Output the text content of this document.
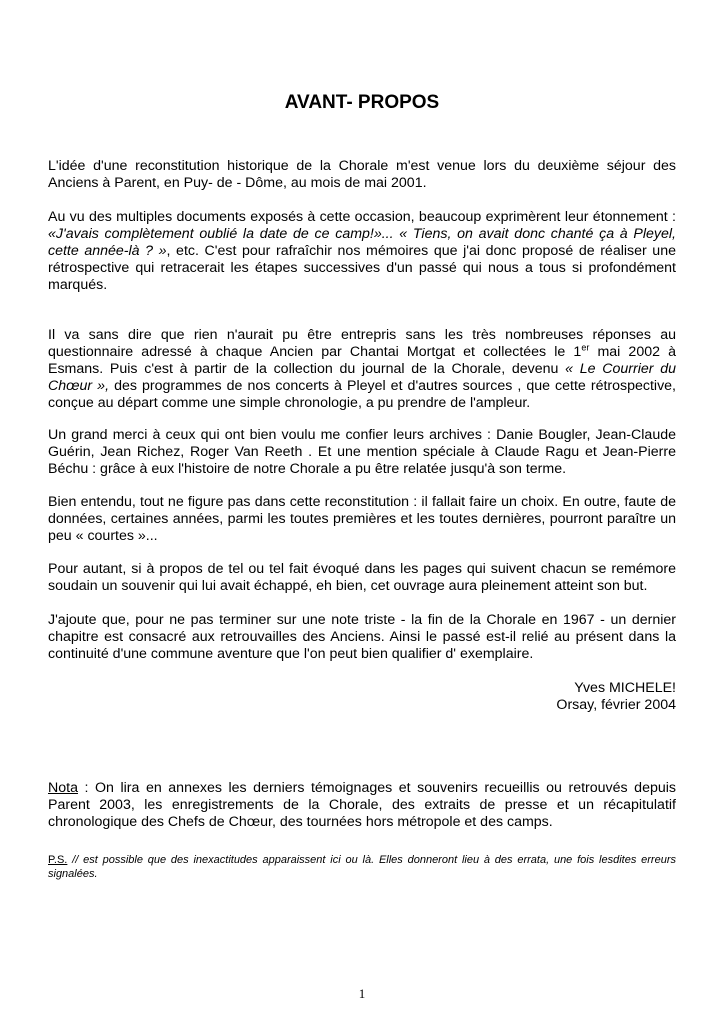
AVANT- PROPOS

L'idée d'une reconstitution historique de la Chorale m'est venue lors du deuxième séjour des Anciens à Parent, en Puy- de - Dôme, au mois de mai 2001.

Au vu des multiples documents exposés à cette occasion, beaucoup exprimèrent leur étonnement : «J'avais complètement oublié la date de ce camp!»... « Tiens, on avait donc chanté ça à Pleyel, cette année-là ? », etc. C'est pour rafraîchir nos mémoires que j'ai donc proposé de réaliser une rétrospective qui retracerait les étapes successives d'un passé qui nous a tous si profondément marqués.

Il va sans dire que rien n'aurait pu être entrepris sans les très nombreuses réponses au questionnaire adressé à chaque Ancien par Chantai Mortgat et collectées le 1er mai 2002 à Esmans. Puis c'est à partir de la collection du journal de la Chorale, devenu « Le Courrier du Chœur », des programmes de nos concerts à Pleyel et d'autres sources , que cette rétrospective, conçue au départ comme une simple chronologie, a pu prendre de l'ampleur.

Un grand merci à ceux qui ont bien voulu me confier leurs archives : Danie Bougler, Jean-Claude Guérin, Jean Richez, Roger Van Reeth . Et une mention spéciale à Claude Ragu et Jean-Pierre Béchu : grâce à eux l'histoire de notre Chorale a pu être relatée jusqu'à son terme.

Bien entendu, tout ne figure pas dans cette reconstitution : il fallait faire un choix. En outre, faute de données, certaines années, parmi les toutes premières et les toutes dernières, pourront paraître un peu « courtes »...

Pour autant, si à propos de tel ou tel fait évoqué dans les pages qui suivent chacun se remémore soudain un souvenir qui lui avait échappé, eh bien, cet ouvrage aura pleinement atteint son but.

J'ajoute que, pour ne pas terminer sur une note triste - la fin de la Chorale en 1967 - un dernier chapitre est consacré aux retrouvailles des Anciens. Ainsi le passé est-il relié au présent dans la continuité d'une commune aventure que l'on peut bien qualifier d' exemplaire.

Yves MICHELE!
Orsay, février 2004

Nota : On lira en annexes les derniers témoignages et souvenirs recueillis ou retrouvés depuis Parent 2003, les enregistrements de la Chorale, des extraits de presse et un récapitulatif chronologique des Chefs de Chœur, des tournées hors métropole et des camps.

P.S. // est possible que des inexactitudes apparaissent ici ou là. Elles donneront lieu à des errata, une fois lesdites erreurs signalées.

1
